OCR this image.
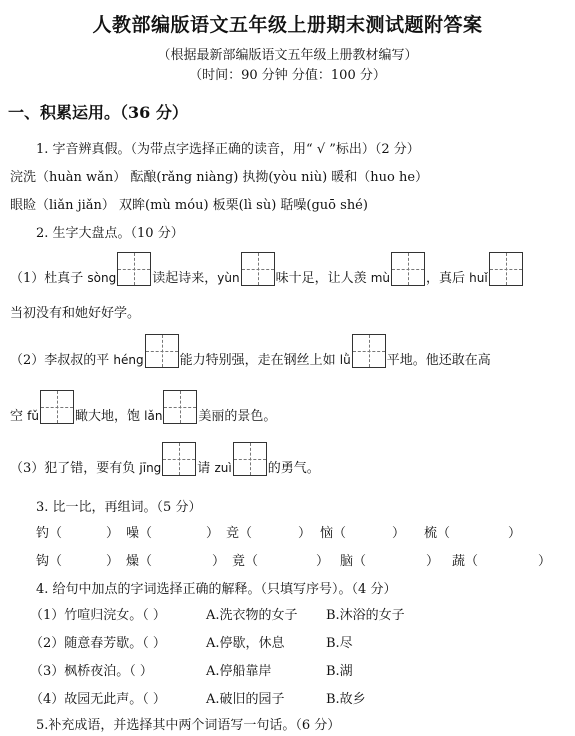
人教部编版语文五年级上册期末测试题附答案
（根据最新部编版语文五年级上册教材编写）
（时间：90 分钟 分值：100 分）
一、积累运用。（36 分）
1. 字音辨真假。（为带点字选择正确的读音，用“ √ ”标出）（2 分）
浣洗（huàn wǎn） 酝酿(rǎng niàng) 执拗(yòu niù) 暖和（huo he）
眼睑（liǎn jiǎn） 双眸(mù móu) 板栗(lì sù) 聒噪(guō shé)
2. 生字大盘点。（10 分）
（1）杜真子 sòng	读起诗来，yùn	味十足，让人羡 mù	，真后 huǐ
当初没有和她好好学。
（2）李叔叔的平 héng	能力特别强，走在钢丝上如 lǜ	平地。他还敢在高
空 fǔ	瞰大地，饱 lǎn	美丽的景色。
（3）犯了错，要有负 jīng	请 zuì	的勇气。
3. 比一比，再组词。（5 分）
钓（	） 噪（	） 竞（	） 恼（	） 梳（	）
钩（	） 燥（	） 竟（	） 脑（	） 蔬（	）
4. 给句中加点的字词选择正确的解释。（只填写序号）。（4 分）
（1）竹喧归浣女。（ ）	A.洗衣物的女子 B.沐浴的女子
（2）随意春芳歇。（ ）	A.停歇，休息	B.尽
（3）枫桥夜泊。（ ）	A.停船靠岸	B.湖
（4）故园无此声。（ ）	A.破旧的园子	B.故乡
5.补充成语，并选择其中两个词语写一句话。（6 分）
